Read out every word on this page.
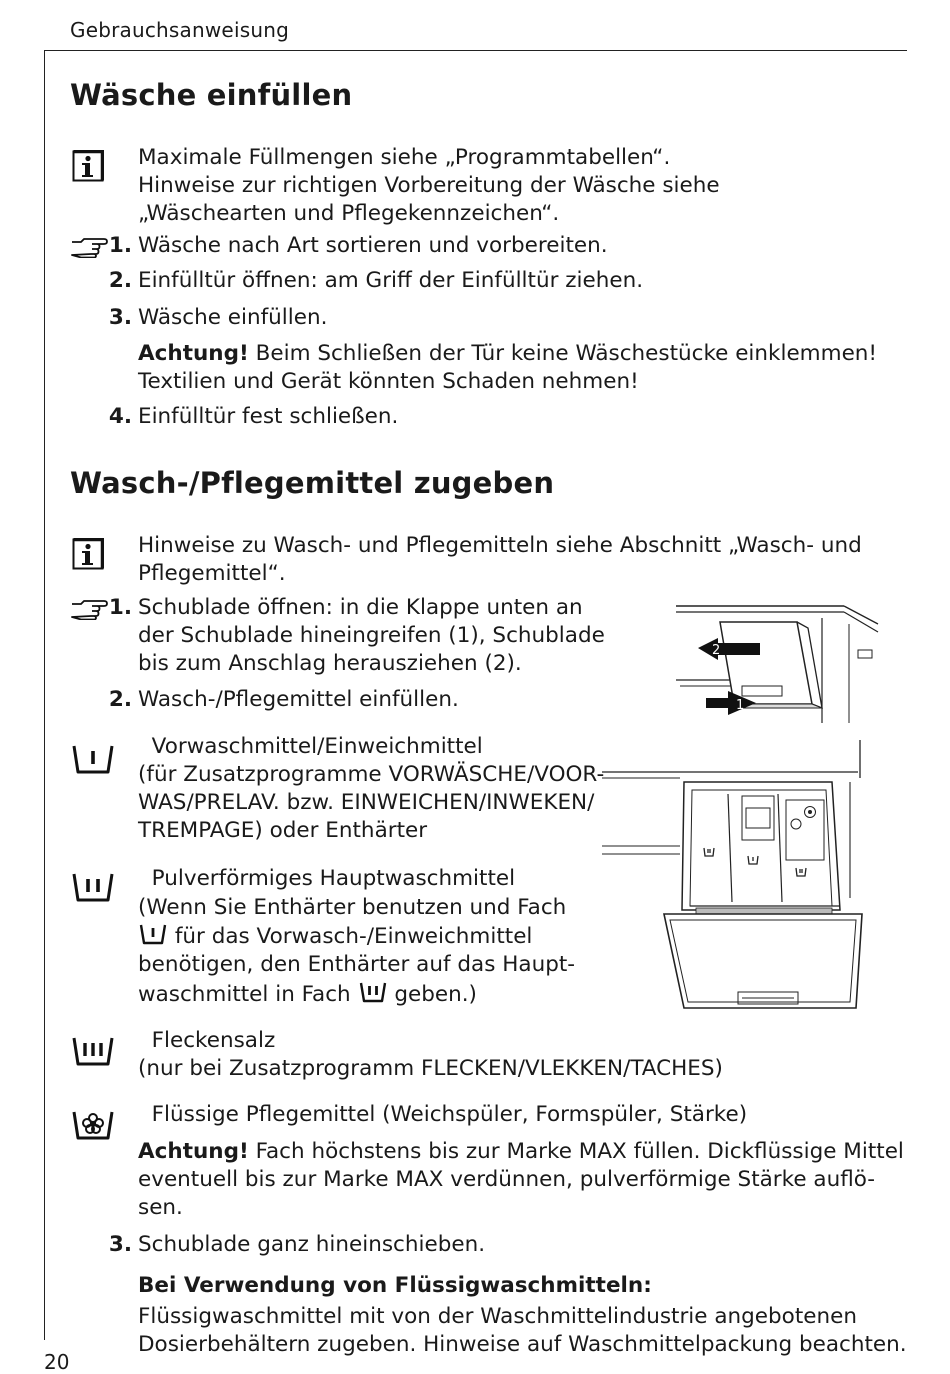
Gebrauchsanweisung
20
Wäsche einfüllen
Maximale Füllmengen siehe „Programmtabellen“.
Hinweise zur richtigen Vorbereitung der Wäsche siehe
„Wäschearten und Pflegekennzeichen“.
1. Wäsche nach Art sortieren und vorbereiten.
2. Einfülltür öffnen: am Griff der Einfülltür ziehen.
3. Wäsche einfüllen.
Achtung! Beim Schließen der Tür keine Wäschestücke einklemmen!
Textilien und Gerät könnten Schaden nehmen!
4. Einfülltür fest schließen.
Wasch-/Pflegemittel zugeben
Hinweise zu Wasch- und Pflegemitteln siehe Abschnitt „Wasch- und
Pflegemittel“.
1. Schublade öffnen: in die Klappe unten an
der Schublade hineingreifen (1), Schublade
bis zum Anschlag herausziehen (2).
2. Wasch-/Pflegemittel einfüllen.
2
1
Vorwaschmittel/Einweichmittel
(für Zusatzprogramme VORWÄSCHE/VOOR-
WAS/PRELAV. bzw. EINWEICHEN/INWEKEN/
TREMPAGE) oder Enthärter
Pulverförmiges Hauptwaschmittel
(Wenn Sie Enthärter benutzen und Fach
für das Vorwasch-/Einweichmittel
benötigen, den Enthärter auf das Haupt-
waschmittel in Fach  geben.)
Fleckensalz
(nur bei Zusatzprogramm FLECKEN/VLEKKEN/TACHES)
Flüssige Pflegemittel (Weichspüler, Formspüler, Stärke)
Achtung! Fach höchstens bis zur Marke MAX füllen. Dickflüssige Mittel
eventuell bis zur Marke MAX verdünnen, pulverförmige Stärke auflö-
sen.
3. Schublade ganz hineinschieben.
Bei Verwendung von Flüssigwaschmitteln:
Flüssigwaschmittel mit von der Waschmittelindustrie angebotenen
Dosierbehältern zugeben. Hinweise auf Waschmittelpackung beachten.
